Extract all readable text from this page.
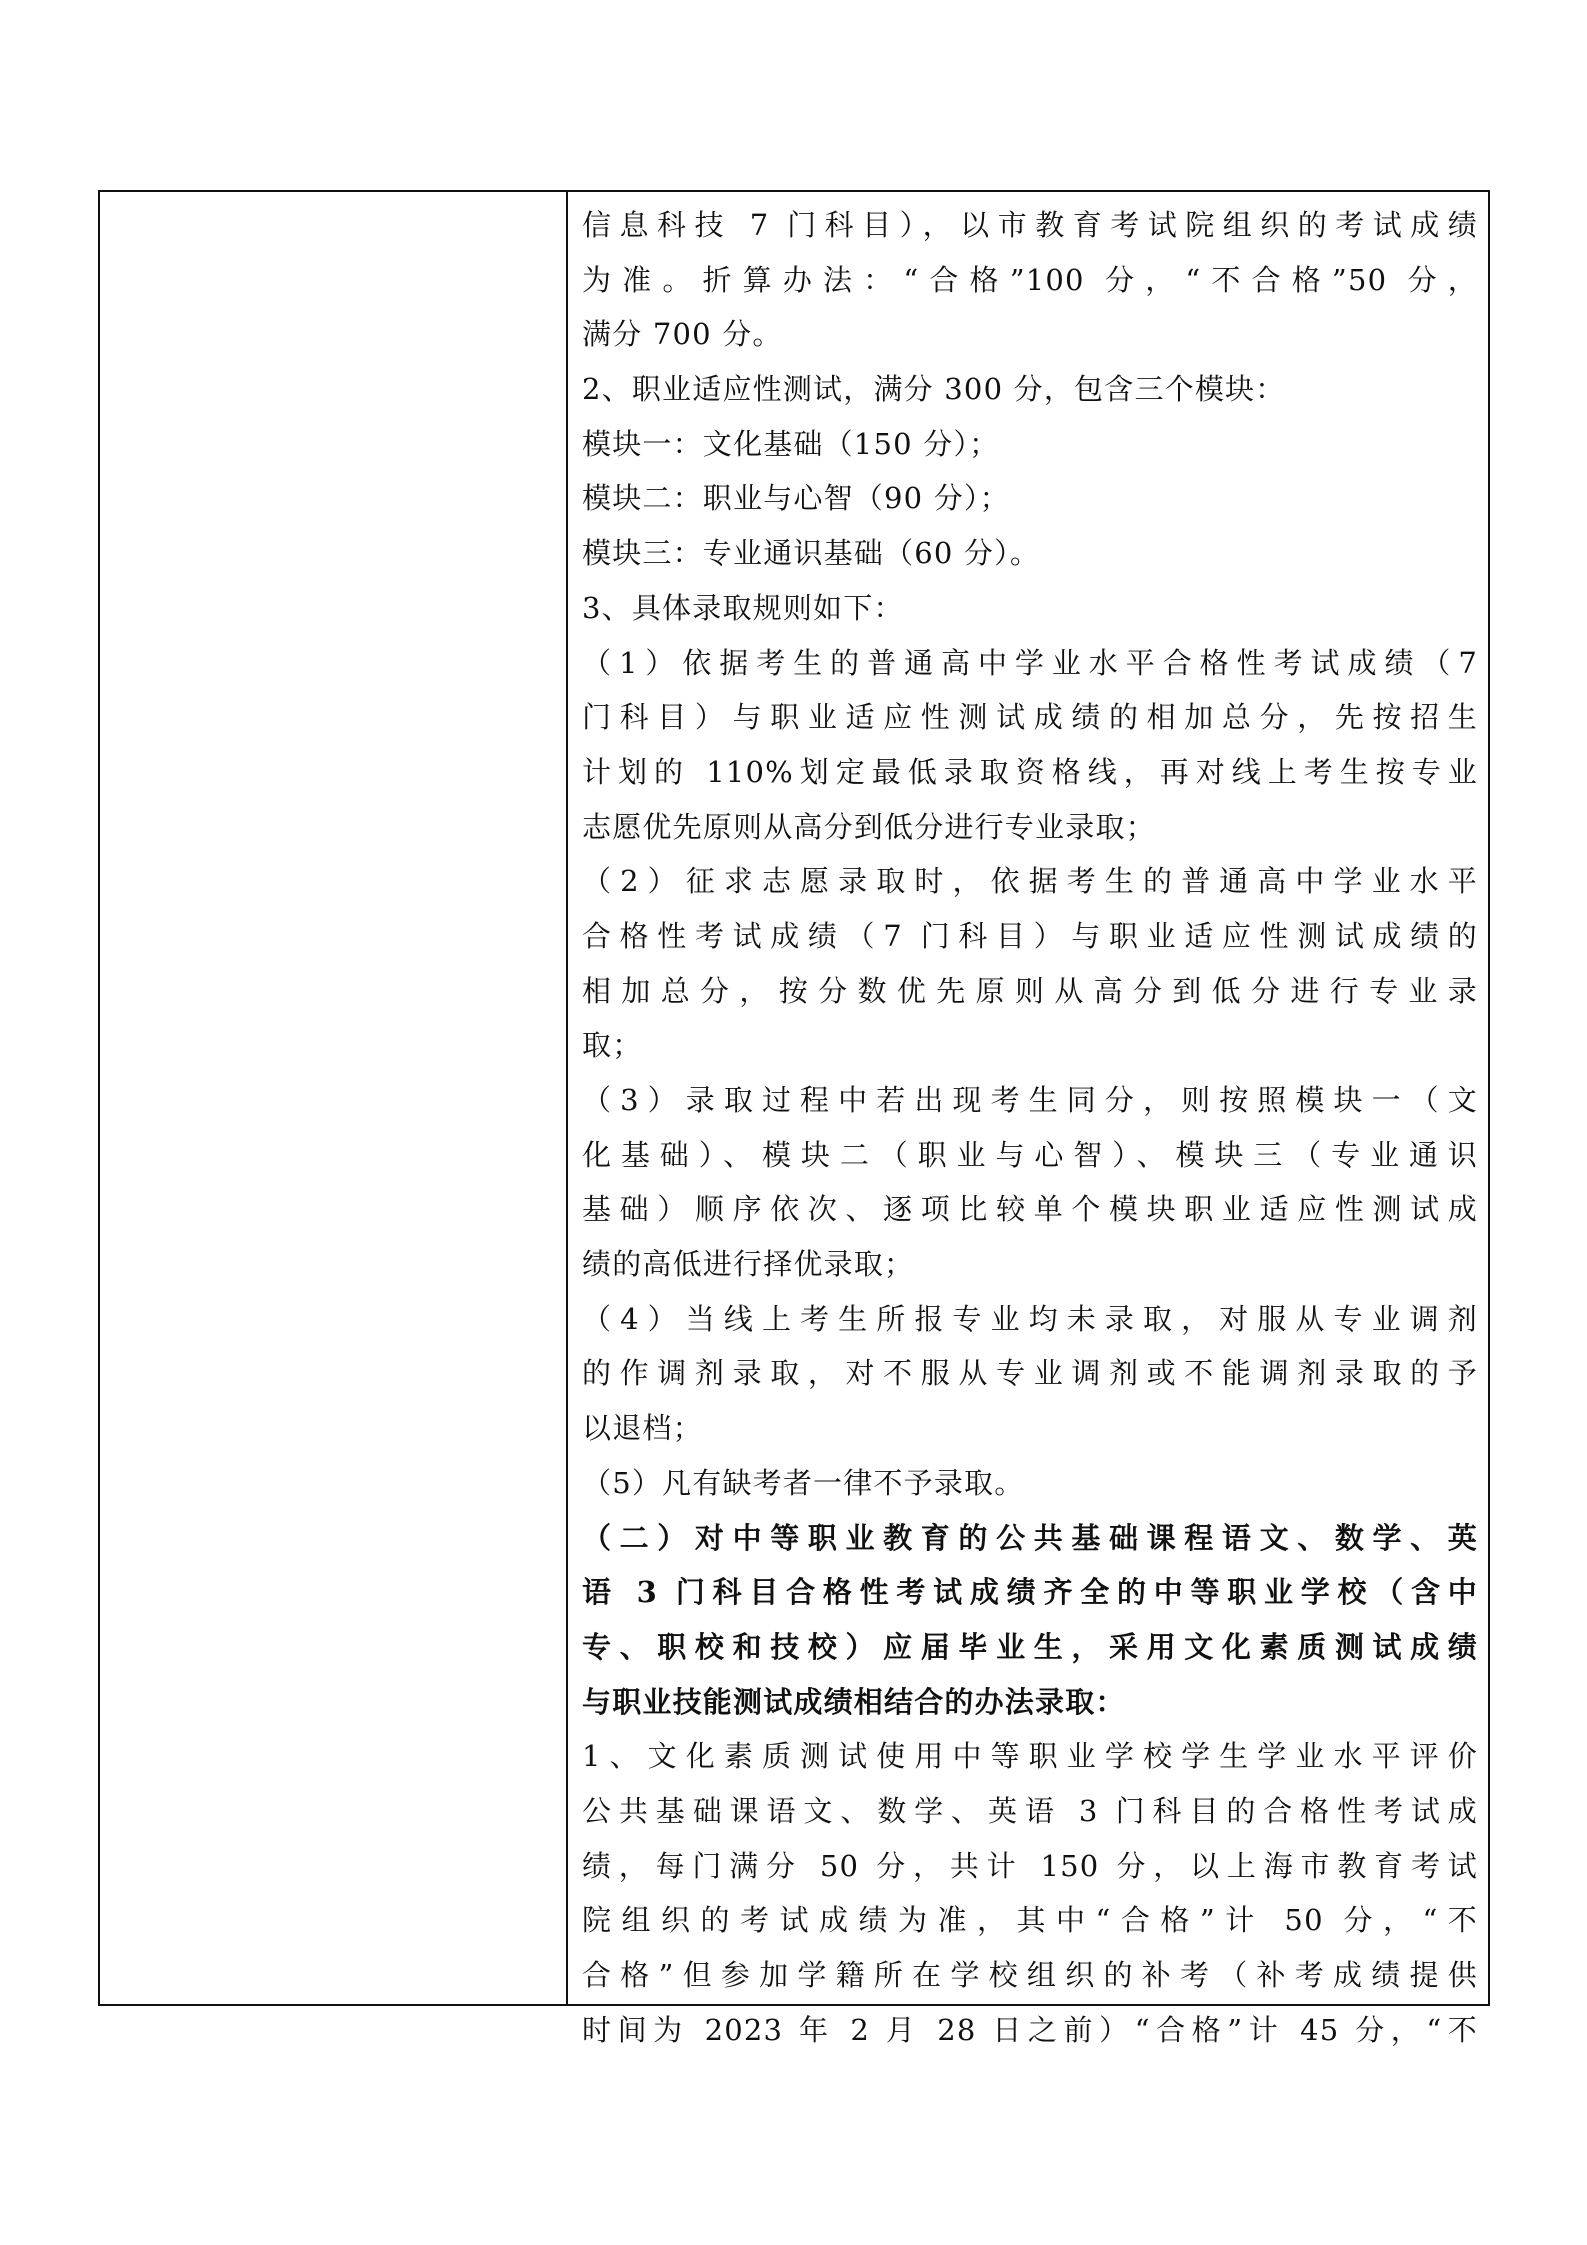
信息科技 7 门科目），以市教育考试院组织的考试成绩
为准。折算办法：“合格”100 分，“不合格”50 分，
满分 700 分。
2、职业适应性测试，满分 300 分，包含三个模块：
模块一：文化基础（150 分）；
模块二：职业与心智（90 分）；
模块三：专业通识基础（60 分）。
3、具体录取规则如下：
（1）依据考生的普通高中学业水平合格性考试成绩（7
门科目）与职业适应性测试成绩的相加总分，先按招生
计划的 110%划定最低录取资格线，再对线上考生按专业
志愿优先原则从高分到低分进行专业录取；
（2）征求志愿录取时，依据考生的普通高中学业水平
合格性考试成绩（7 门科目）与职业适应性测试成绩的
相加总分，按分数优先原则从高分到低分进行专业录
取；
（3）录取过程中若出现考生同分，则按照模块一（文
化基础）、模块二（职业与心智）、模块三（专业通识
基础）顺序依次、逐项比较单个模块职业适应性测试成
绩的高低进行择优录取；
（4）当线上考生所报专业均未录取，对服从专业调剂
的作调剂录取，对不服从专业调剂或不能调剂录取的予
以退档；
（5）凡有缺考者一律不予录取。
（二）对中等职业教育的公共基础课程语文、数学、英
语 3 门科目合格性考试成绩齐全的中等职业学校（含中
专、职校和技校）应届毕业生，采用文化素质测试成绩
与职业技能测试成绩相结合的办法录取：
1、文化素质测试使用中等职业学校学生学业水平评价
公共基础课语文、数学、英语 3 门科目的合格性考试成
绩，每门满分 50 分，共计 150 分，以上海市教育考试
院组织的考试成绩为准，其中“合格”计 50 分，“不
合格”但参加学籍所在学校组织的补考（补考成绩提供
时间为 2023 年 2 月 28 日之前）“合格”计 45 分，“不
